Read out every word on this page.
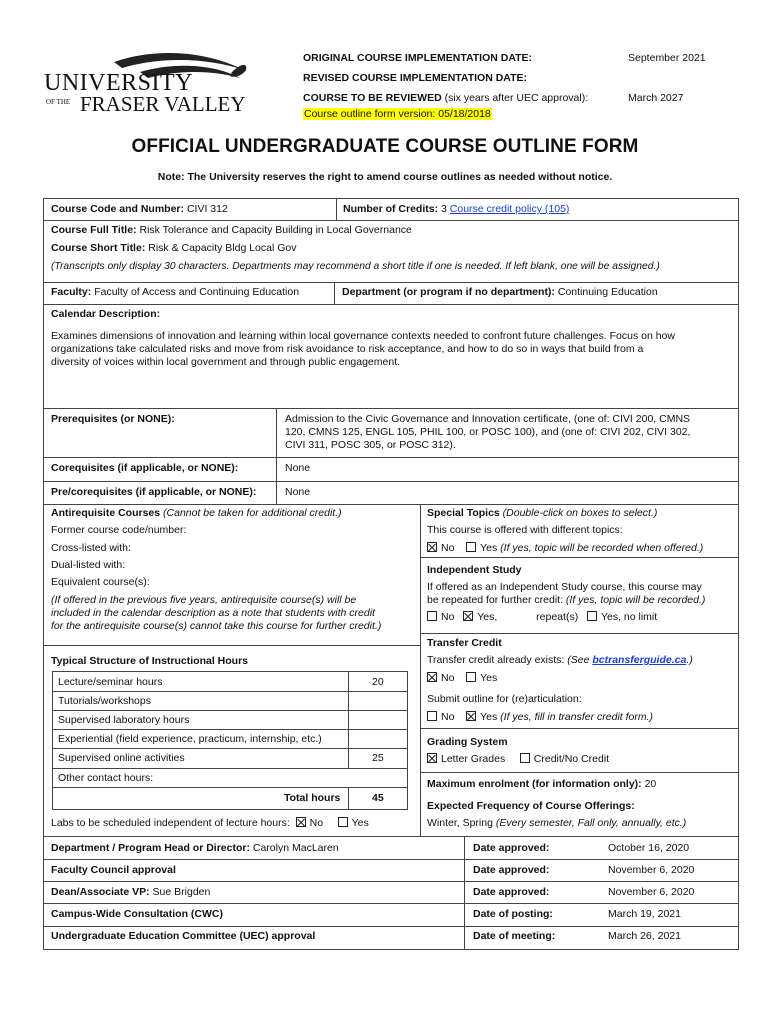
UNIVERSITY
OF THE FRASER VALLEY
ORIGINAL COURSE IMPLEMENTATION DATE:	September 2021
REVISED COURSE IMPLEMENTATION DATE:
COURSE TO BE REVIEWED (six years after UEC approval):	March 2027
Course outline form version: 05/18/2018
OFFICIAL UNDERGRADUATE COURSE OUTLINE FORM
Note: The University reserves the right to amend course outlines as needed without notice.
Course Code and Number: CIVI 312	Number of Credits: 3 Course credit policy (105)
Course Full Title: Risk Tolerance and Capacity Building in Local Governance
Course Short Title: Risk & Capacity Bldg Local Gov
(Transcripts only display 30 characters. Departments may recommend a short title if one is needed. If left blank, one will be assigned.)
Faculty: Faculty of Access and Continuing Education	Department (or program if no department): Continuing Education
Calendar Description:
Examines dimensions of innovation and learning within local governance contexts needed to confront future challenges. Focus on how
organizations take calculated risks and move from risk avoidance to risk acceptance, and how to do so in ways that build from a
diversity of voices within local government and through public engagement.
Prerequisites (or NONE):	Admission to the Civic Governance and Innovation certificate, (one of: CIVI 200, CMNS
120, CMNS 125, ENGL 105, PHIL 100, or POSC 100), and (one of: CIVI 202, CIVI 302,
CIVI 311, POSC 305, or POSC 312).
Corequisites (if applicable, or NONE):	None
Pre/corequisites (if applicable, or NONE):	None
Antirequisite Courses (Cannot be taken for additional credit.)
Former course code/number:
Cross-listed with:
Dual-listed with:
Equivalent course(s):
(If offered in the previous five years, antirequisite course(s) will be
included in the calendar description as a note that students with credit
for the antirequisite course(s) cannot take this course for further credit.)
Typical Structure of Instructional Hours
Lecture/seminar hours	20
Tutorials/workshops
Supervised laboratory hours
Experiential (field experience, practicum, internship, etc.)
Supervised online activities	25
Other contact hours:
Total hours	45
Labs to be scheduled independent of lecture hours: No	Yes
Special Topics (Double-click on boxes to select.)
This course is offered with different topics:
No Yes (If yes, topic will be recorded when offered.)
Independent Study
If offered as an Independent Study course, this course may
be repeated for further credit: (If yes, topic will be recorded.)
No Yes,	repeat(s) Yes, no limit
Transfer Credit
Transfer credit already exists: (See bctransferguide.ca.)
No Yes
Submit outline for (re)articulation:
No Yes (If yes, fill in transfer credit form.)
Grading System
Letter Grades	Credit/No Credit
Maximum enrolment (for information only): 20
Expected Frequency of Course Offerings:
Winter, Spring (Every semester, Fall only, annually, etc.)
Department / Program Head or Director: Carolyn MacLaren	Date approved:	October 16, 2020
Faculty Council approval	Date approved:	November 6, 2020
Dean/Associate VP: Sue Brigden	Date approved:	November 6, 2020
Campus-Wide Consultation (CWC)	Date of posting:	March 19, 2021
Undergraduate Education Committee (UEC) approval	Date of meeting:	March 26, 2021
